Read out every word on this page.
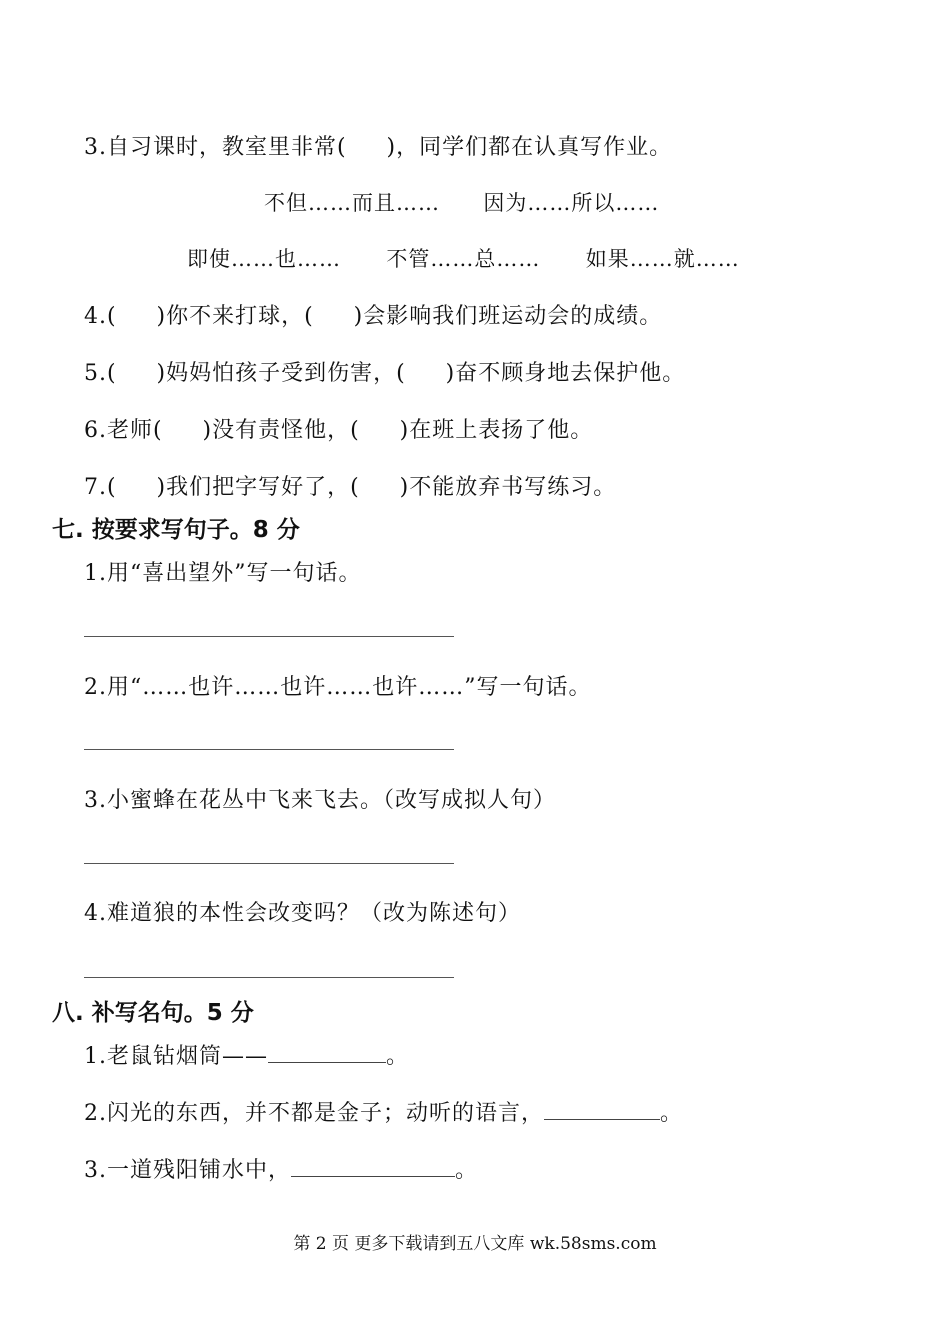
3.自习课时，教室里非常(     )，同学们都在认真写作业。
不但……而且…… 因为……所以……
即使……也…… 不管……总…… 如果……就……
4.(     )你不来打球，(     )会影响我们班运动会的成绩。
5.(     )妈妈怕孩子受到伤害，(     )奋不顾身地去保护他。
6.老师(     )没有责怪他，(     )在班上表扬了他。
7.(     )我们把字写好了，(     )不能放弃书写练习。
七. 按要求写句子。8 分
1.用“喜出望外”写一句话。
2.用“……也许……也许……也许……”写一句话。
3.小蜜蜂在花丛中飞来飞去。（改写成拟人句）
4.难道狼的本性会改变吗？（改为陈述句）
八. 补写名句。5 分
1.老鼠钻烟筒——	。
2.闪光的东西，并不都是金子；动听的语言，	。
3.一道残阳铺水中，	。
第 2 页 更多下载请到五八文库 wk.58sms.com
